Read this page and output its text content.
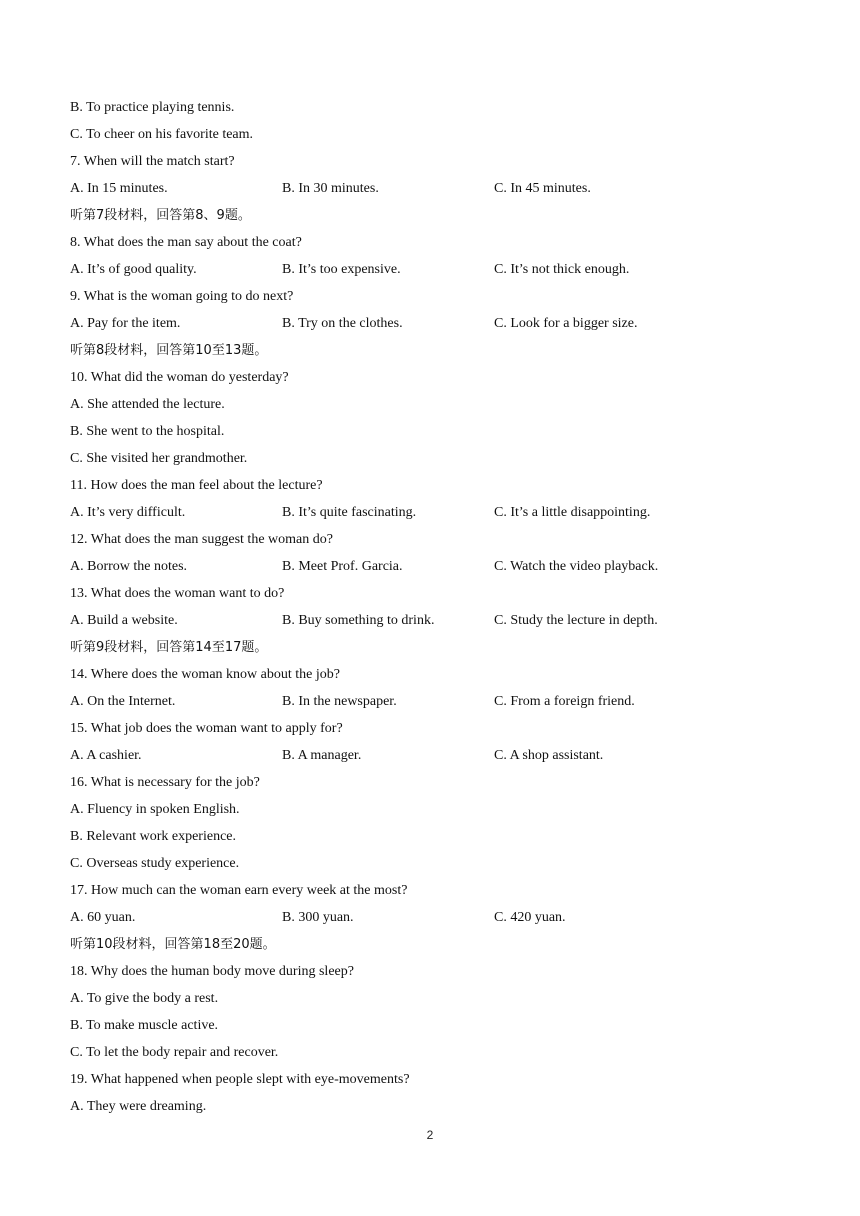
B. To practice playing tennis.
C. To cheer on his favorite team.
7. When will the match start?
A. In 15 minutes.	B. In 30 minutes.	C. In 45 minutes.
听第7段材料，回答第8、9题。
8. What does the man say about the coat?
A. It’s of good quality.	B. It’s too expensive.	C. It’s not thick enough.
9. What is the woman going to do next?
A. Pay for the item.	B. Try on the clothes.	C. Look for a bigger size.
听第8段材料，回答第10至13题。
10. What did the woman do yesterday?
A. She attended the lecture.
B. She went to the hospital.
C. She visited her grandmother.
11. How does the man feel about the lecture?
A. It’s very difficult.	B. It’s quite fascinating.	C. It’s a little disappointing.
12. What does the man suggest the woman do?
A. Borrow the notes.	B. Meet Prof. Garcia.	C. Watch the video playback.
13. What does the woman want to do?
A. Build a website.	B. Buy something to drink.	C. Study the lecture in depth.
听第9段材料，回答第14至17题。
14. Where does the woman know about the job?
A. On the Internet.	B. In the newspaper.	C. From a foreign friend.
15. What job does the woman want to apply for?
A. A cashier.	B. A manager.	C. A shop assistant.
16. What is necessary for the job?
A. Fluency in spoken English.
B. Relevant work experience.
C. Overseas study experience.
17. How much can the woman earn every week at the most?
A. 60 yuan.	B. 300 yuan.	C. 420 yuan.
听第10段材料，回答第18至20题。
18. Why does the human body move during sleep?
A. To give the body a rest.
B. To make muscle active.
C. To let the body repair and recover.
19. What happened when people slept with eye-movements?
A. They were dreaming.
2
